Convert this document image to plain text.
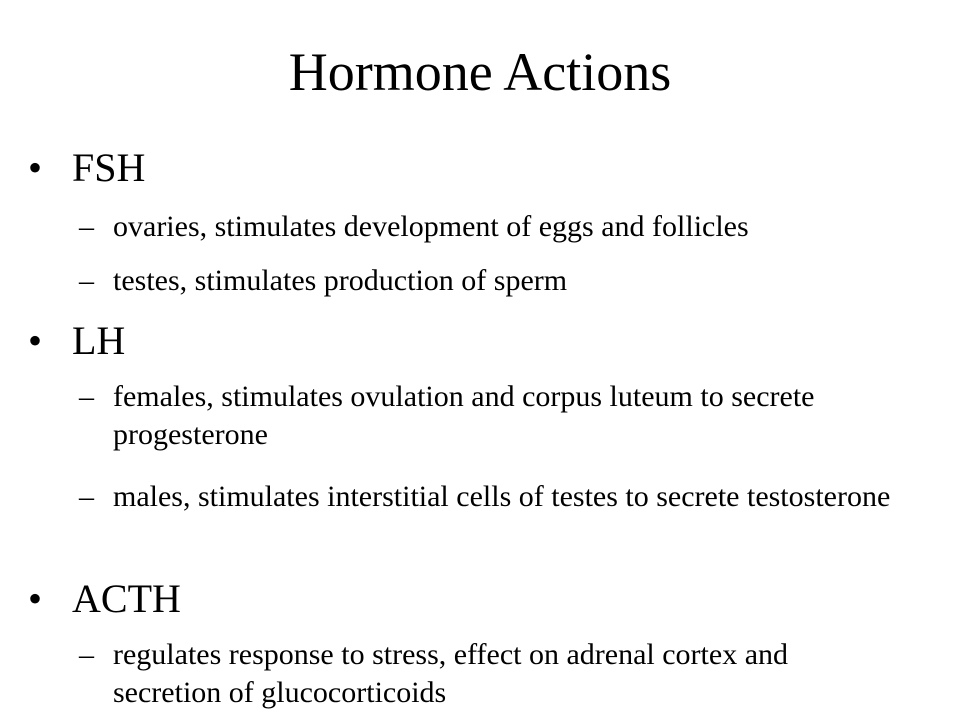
Hormone Actions
• FSH
– ovaries, stimulates development of eggs and follicles
– testes, stimulates production of sperm
• LH
– females, stimulates ovulation and corpus luteum to secrete progesterone
– males, stimulates interstitial cells of testes to secrete testosterone
• ACTH
– regulates response to stress, effect on adrenal cortex and secretion of glucocorticoids
